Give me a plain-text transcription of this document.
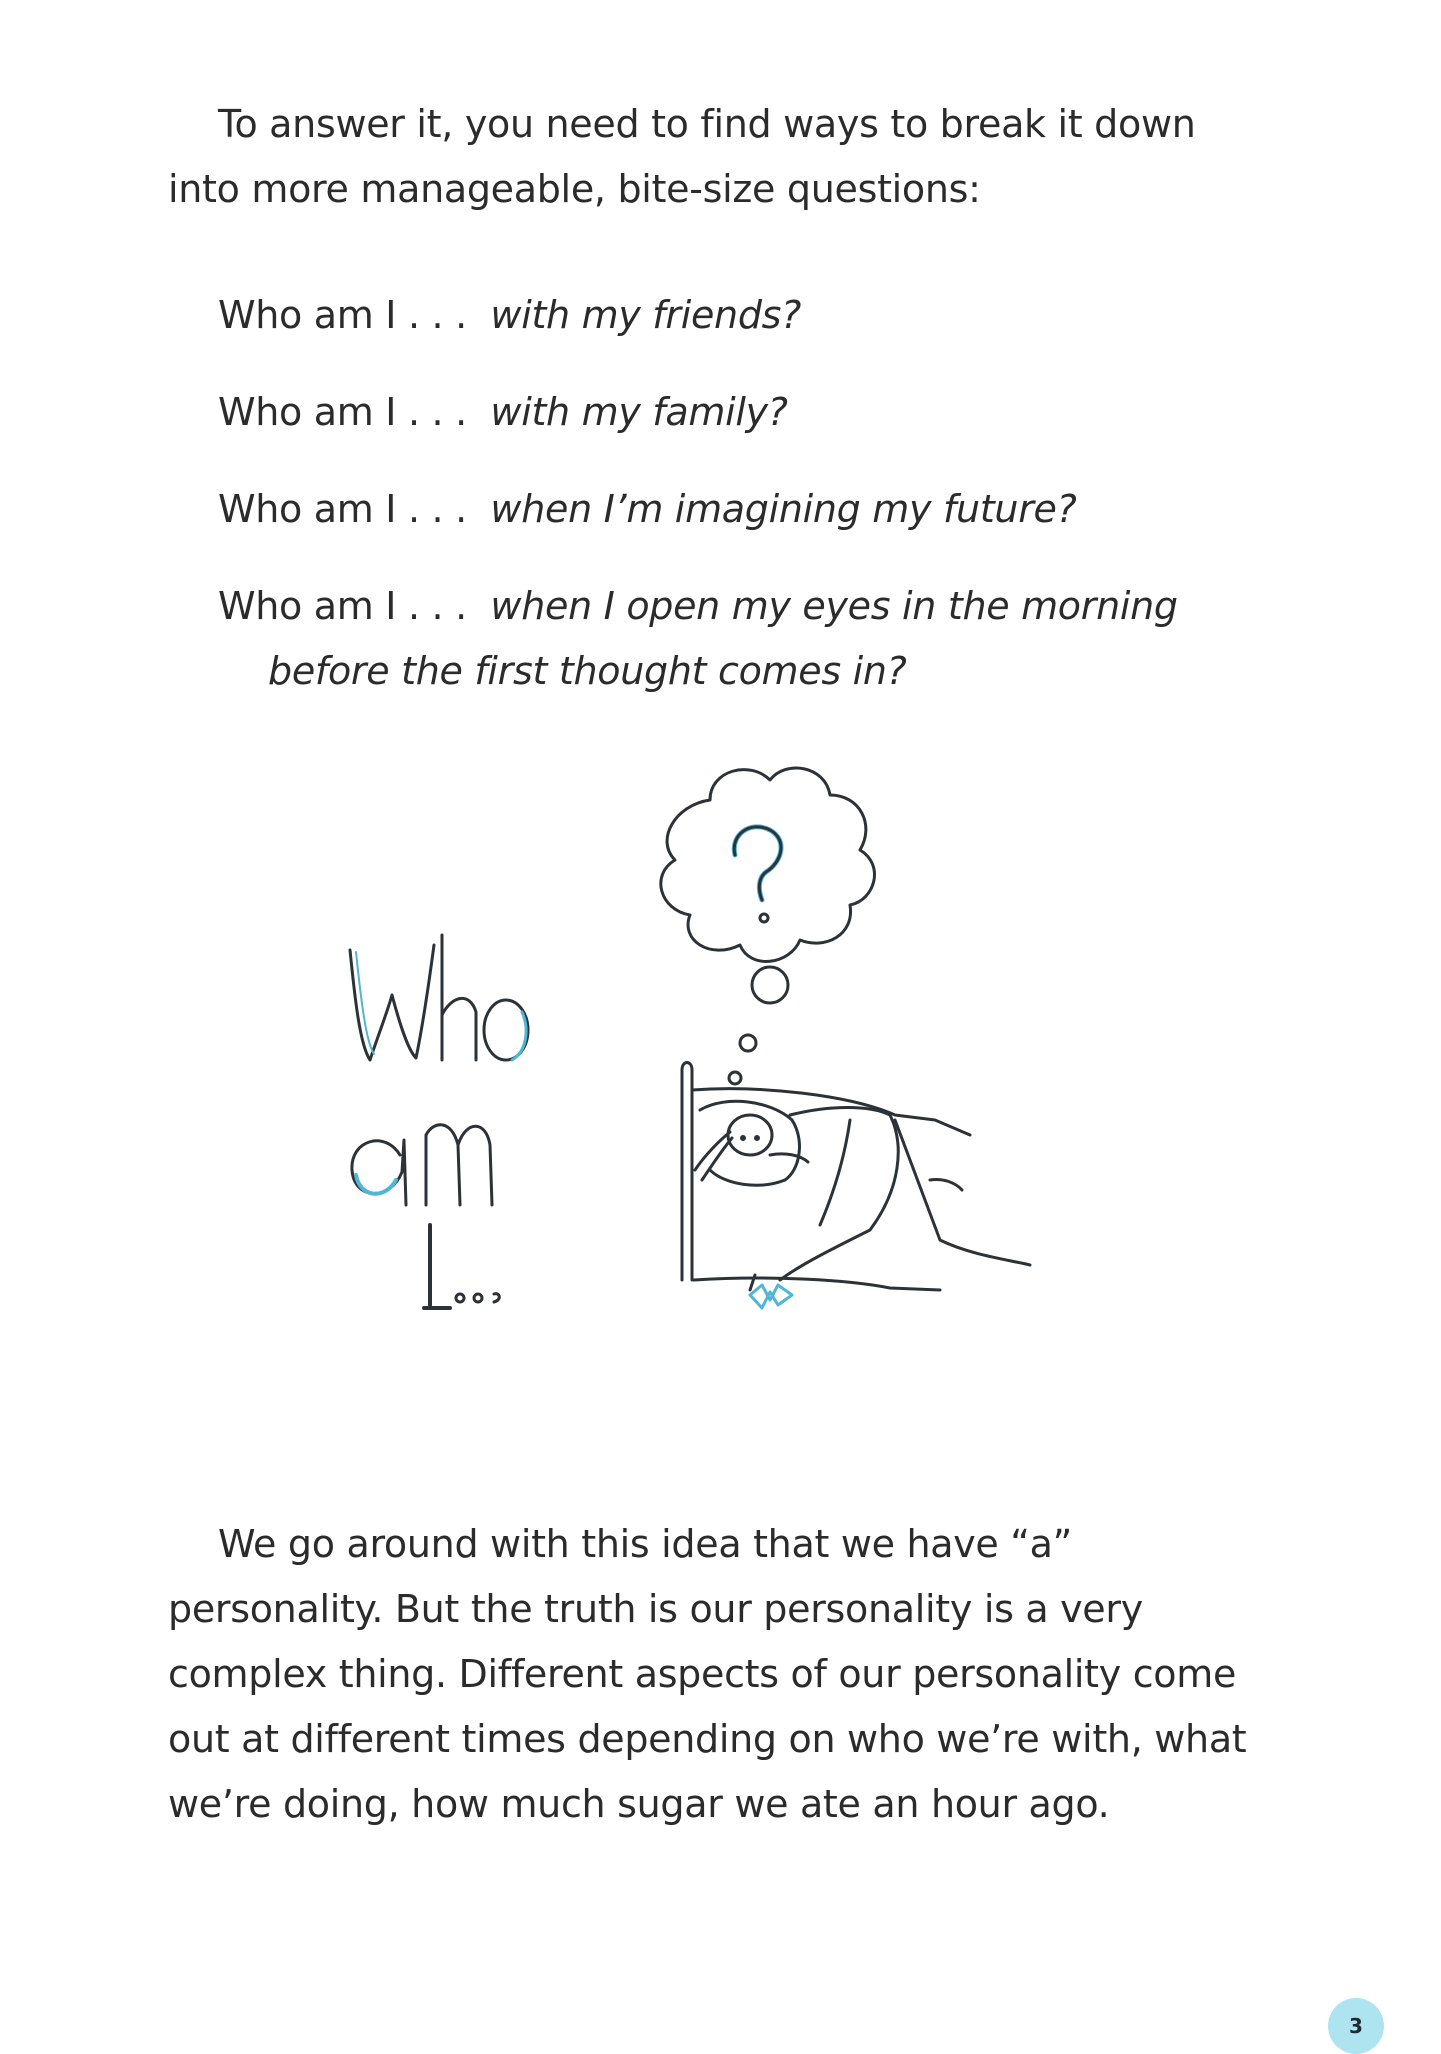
To answer it, you need to find ways to break it down into more manageable, bite-size questions:

Who am I . . . with my friends?
Who am I . . . with my family?
Who am I . . . when I’m imagining my future?
Who am I . . . when I open my eyes in the morning
before the first thought comes in?

We go around with this idea that we have “a” personality. But the truth is our personality is a very complex thing. Different aspects of our personality come out at different times depending on who we’re with, what we’re doing, how much sugar we ate an hour ago.

3
